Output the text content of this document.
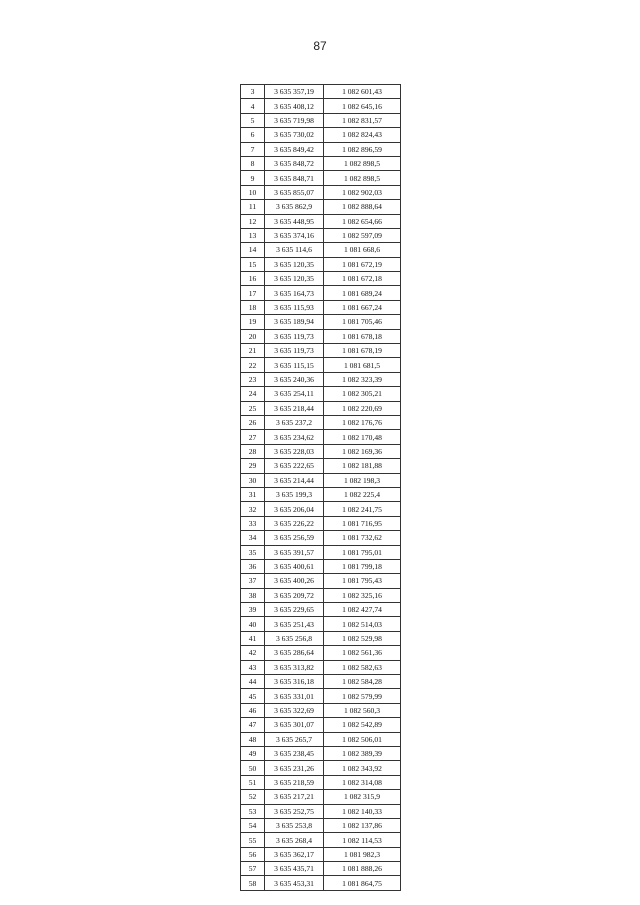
87
3	3 635 357,19	1 082 601,43
4	3 635 408,12	1 082 645,16
5	3 635 719,98	1 082 831,57
6	3 635 730,02	1 082 824,43
7	3 635 849,42	1 082 896,59
8	3 635 848,72	1 082 898,5
9	3 635 848,71	1 082 898,5
10	3 635 855,07	1 082 902,03
11	3 635 862,9	1 082 888,64
12	3 635 448,95	1 082 654,66
13	3 635 374,16	1 082 597,09
14	3 635 114,6	1 081 668,6
15	3 635 120,35	1 081 672,19
16	3 635 120,35	1 081 672,18
17	3 635 164,73	1 081 689,24
18	3 635 115,93	1 081 667,24
19	3 635 189,94	1 081 705,46
20	3 635 119,73	1 081 678,18
21	3 635 119,73	1 081 678,19
22	3 635 115,15	1 081 681,5
23	3 635 240,36	1 082 323,39
24	3 635 254,11	1 082 305,21
25	3 635 218,44	1 082 220,69
26	3 635 237,2	1 082 176,76
27	3 635 234,62	1 082 170,48
28	3 635 228,03	1 082 169,36
29	3 635 222,65	1 082 181,88
30	3 635 214,44	1 082 198,3
31	3 635 199,3	1 082 225,4
32	3 635 206,04	1 082 241,75
33	3 635 226,22	1 081 716,95
34	3 635 256,59	1 081 732,62
35	3 635 391,57	1 081 795,01
36	3 635 400,61	1 081 799,18
37	3 635 400,26	1 081 795,43
38	3 635 209,72	1 082 325,16
39	3 635 229,65	1 082 427,74
40	3 635 251,43	1 082 514,03
41	3 635 256,8	1 082 529,98
42	3 635 286,64	1 082 561,36
43	3 635 313,82	1 082 582,63
44	3 635 316,18	1 082 584,28
45	3 635 331,01	1 082 579,99
46	3 635 322,69	1 082 560,3
47	3 635 301,07	1 082 542,89
48	3 635 265,7	1 082 506,01
49	3 635 238,45	1 082 389,39
50	3 635 231,26	1 082 343,92
51	3 635 218,59	1 082 314,08
52	3 635 217,21	1 082 315,9
53	3 635 252,75	1 082 140,33
54	3 635 253,8	1 082 137,86
55	3 635 268,4	1 082 114,53
56	3 635 362,17	1 081 982,3
57	3 635 435,71	1 081 888,26
58	3 635 453,31	1 081 864,75
